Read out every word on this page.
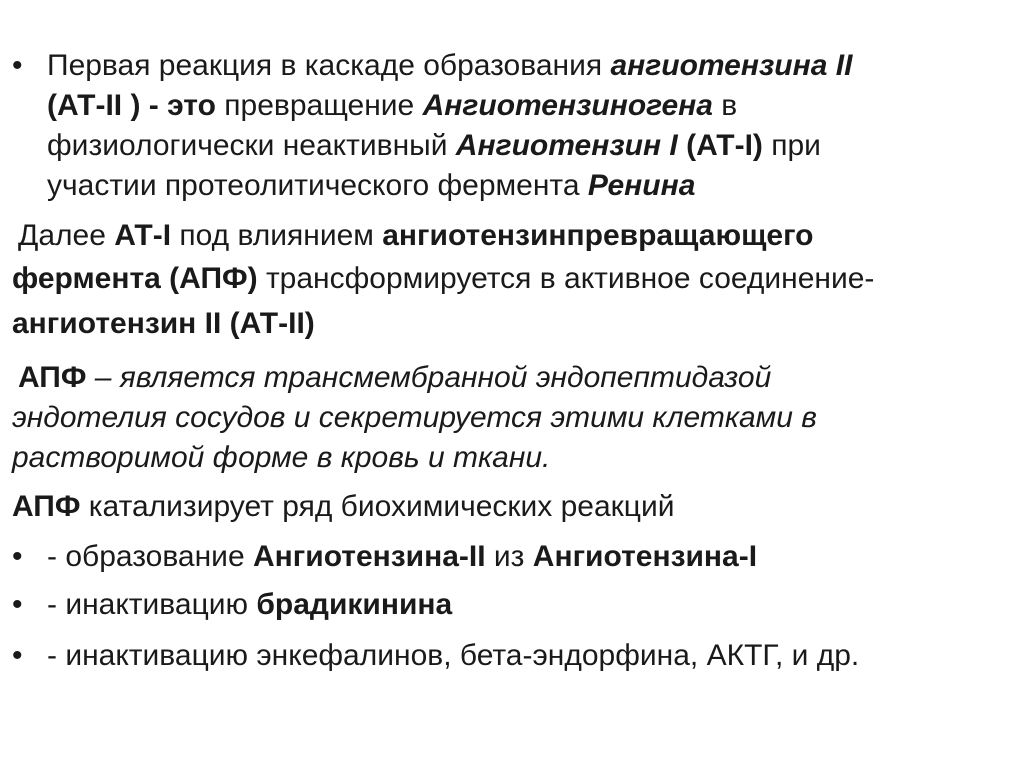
• Первая реакция в каскаде образования ангиотензина II
(АТ-II ) - это превращение Ангиотензиногена в
физиологически неактивный Ангиотензин I (АТ-I) при
участии протеолитического фермента Ренина
Далее АТ-I под влиянием ангиотензинпревращающего
фермента (АПФ) трансформируется в активное соединение-
ангиотензин II (АТ-II)
АПФ – является трансмембранной эндопептидазой
эндотелия сосудов и секретируется этими клетками в
растворимой форме в кровь и ткани.
АПФ катализирует ряд биохимических реакций
• - образование Ангиотензина-II из Ангиотензина-I
• - инактивацию брадикинина
• - инактивацию энкефалинов, бета-эндорфина, АКТГ, и др.
